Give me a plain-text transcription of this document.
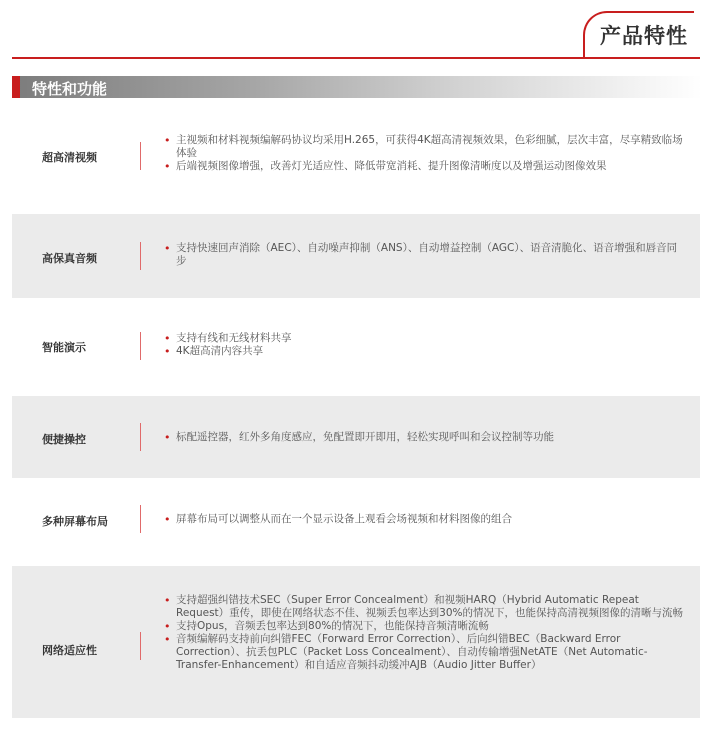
产品特性
特性和功能
超高清视频
• 主视频和材料视频编解码协议均采用H.265，可获得4K超高清视频效果，色彩细腻，层次丰富，尽享精致临场体验
• 后端视频图像增强，改善灯光适应性、降低带宽消耗、提升图像清晰度以及增强运动图像效果
高保真音频
• 支持快速回声消除（AEC）、自动噪声抑制（ANS）、自动增益控制（AGC）、语音清脆化、语音增强和唇音同步
智能演示
• 支持有线和无线材料共享
• 4K超高清内容共享
便捷操控	• 标配遥控器，红外多角度感应，免配置即开即用，轻松实现呼叫和会议控制等功能
多种屏幕布局	• 屏幕布局可以调整从而在一个显示设备上观看会场视频和材料图像的组合
网络适应性
• 支持超强纠错技术SEC（Super Error Concealment）和视频HARQ（Hybrid Automatic Repeat Request）重传，即使在网络状态不佳、视频丢包率达到30%的情况下，也能保持高清视频图像的清晰与流畅
• 支持Opus，音频丢包率达到80%的情况下，也能保持音频清晰流畅
• 音频编解码支持前向纠错FEC（Forward Error Correction）、后向纠错BEC（Backward Error Correction）、抗丢包PLC（Packet Loss Concealment）、自动传输增强NetATE（Net Automatic-Transfer-Enhancement）和自适应音频抖动缓冲AJB（Audio Jitter Buffer）
